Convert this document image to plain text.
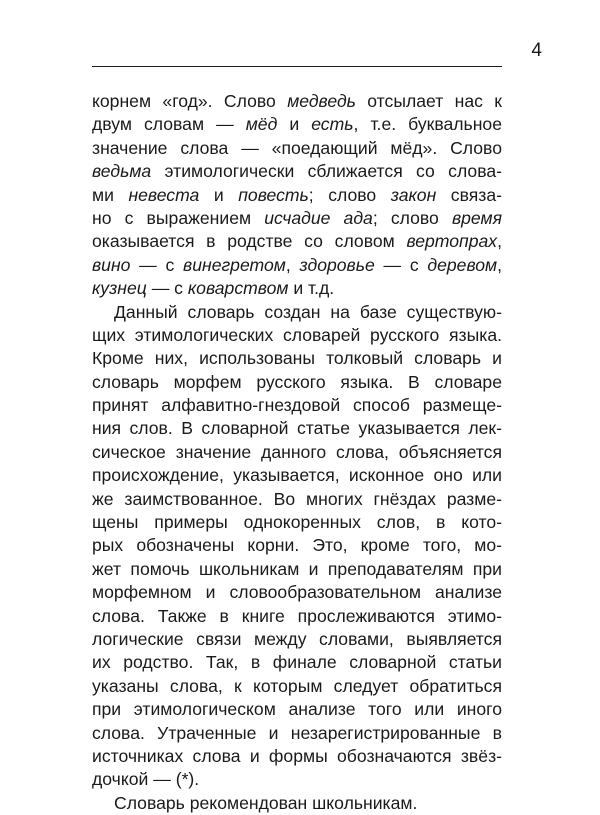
4
корнем «год». Слово медведь отсылает нас к
двум словам — мёд и есть, т.е. буквальное
значение слова — «поедающий мёд». Слово
ведьма этимологически сближается со слова-
ми невеста и повесть; слово закон связа-
но с выражением исчадие ада; слово время
оказывается в родстве со словом вертопрах,
вино — с винегретом, здоровье — с деревом,
кузнец — с коварством и т.д.
Данный словарь создан на базе существую-
щих этимологических словарей русского языка.
Кроме них, использованы толковый словарь и
словарь морфем русского языка. В словаре
принят алфавитно-гнездовой способ размеще-
ния слов. В словарной статье указывается лек-
сическое значение данного слова, объясняется
происхождение, указывается, исконное оно или
же заимствованное. Во многих гнёздах разме-
щены примеры однокоренных слов, в кото-
рых обозначены корни. Это, кроме того, мо-
жет помочь школьникам и преподавателям при
морфемном и словообразовательном анализе
слова. Также в книге прослеживаются этимо-
логические связи между словами, выявляется
их родство. Так, в финале словарной статьи
указаны слова, к которым следует обратиться
при этимологическом анализе того или иного
слова. Утраченные и незарегистрированные в
источниках слова и формы обозначаются звёз-
дочкой — (*).
Словарь рекомендован школьникам.
